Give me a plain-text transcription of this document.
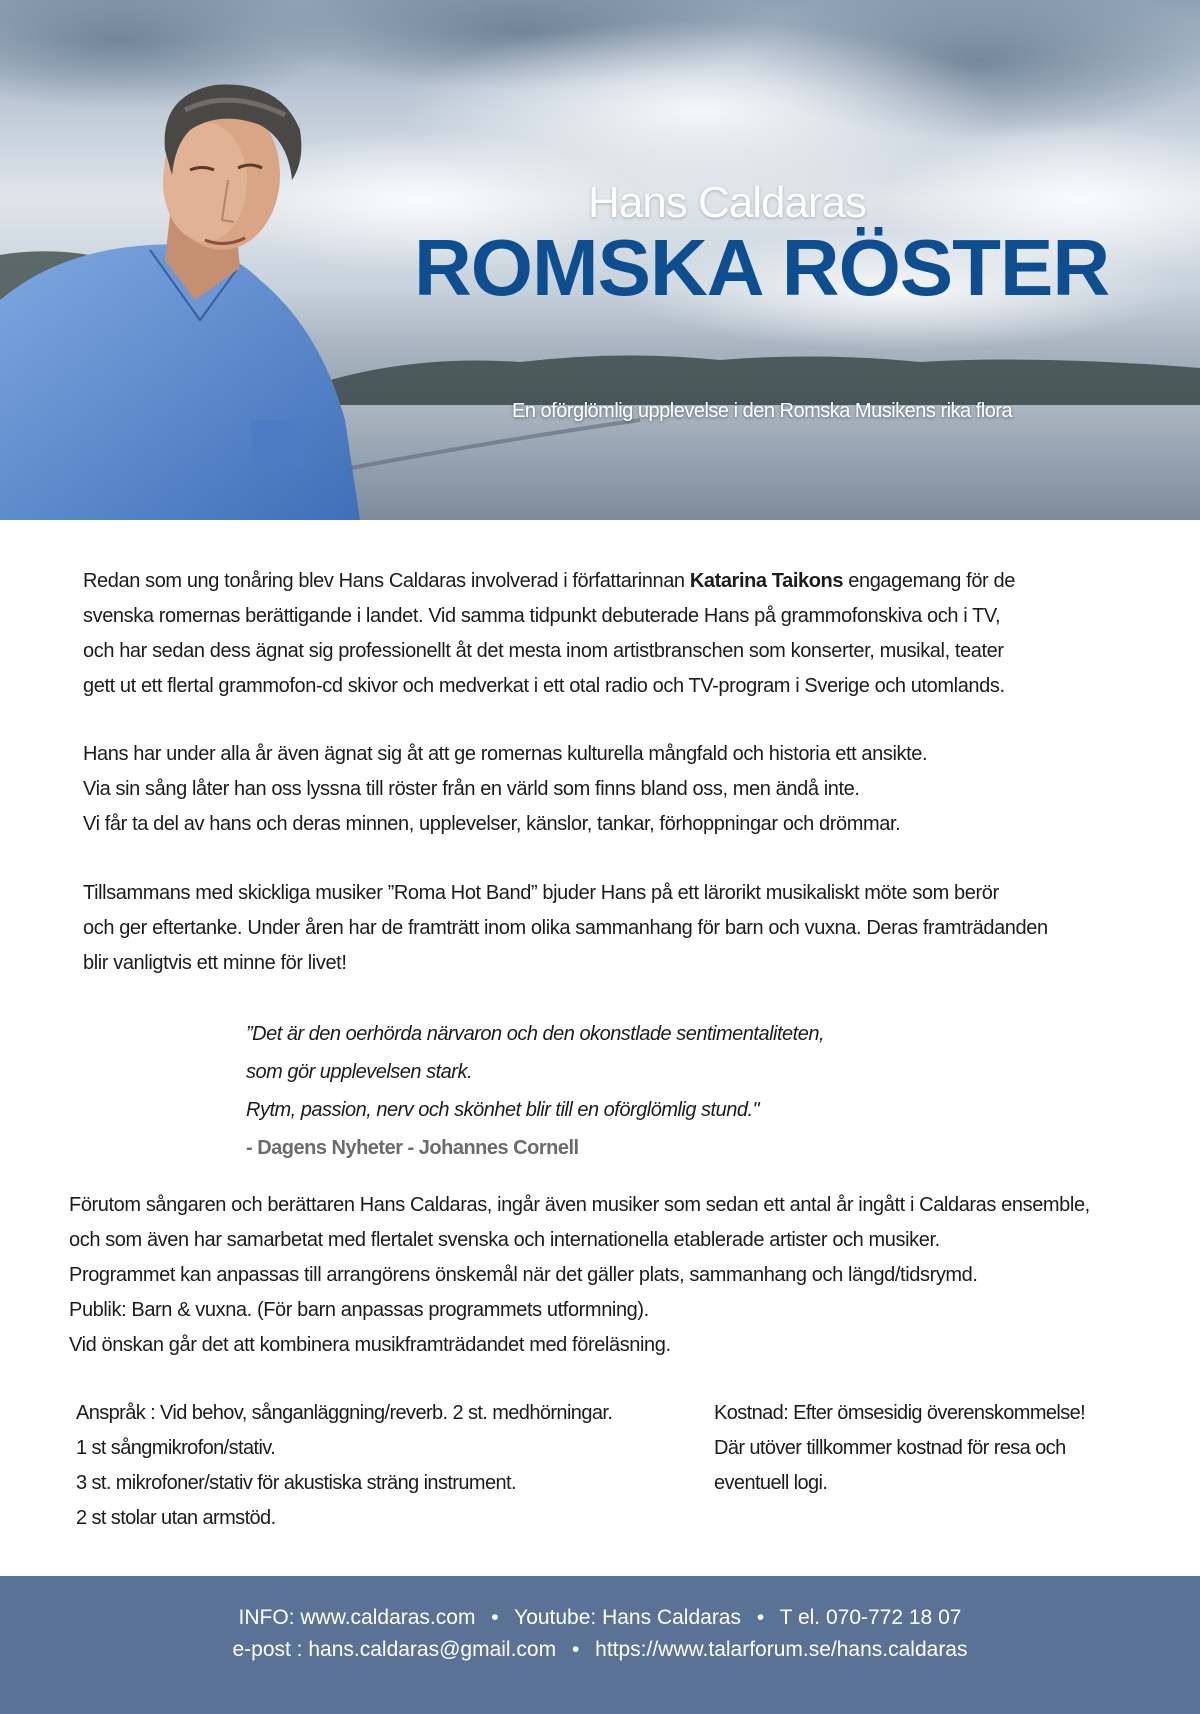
Hans Caldaras
ROMSKA RÖSTER
En oförglömlig upplevelse i den Romska Musikens rika flora
Redan som ung tonåring blev Hans Caldaras involverad i författarinnan Katarina Taikons engagemang för de
svenska romernas berättigande i landet. Vid samma tidpunkt debuterade Hans på grammofonskiva och i TV,
och har sedan dess ägnat sig professionellt åt det mesta inom artistbranschen som konserter, musikal, teater
gett ut ett flertal grammofon-cd skivor och medverkat i ett otal radio och TV-program i Sverige och utomlands.
Hans har under alla år även ägnat sig åt att ge romernas kulturella mångfald och historia ett ansikte.
Via sin sång låter han oss lyssna till röster från en värld som finns bland oss, men ändå inte.
Vi får ta del av hans och deras minnen, upplevelser, känslor, tankar, förhoppningar och drömmar.
Tillsammans med skickliga musiker ”Roma Hot Band” bjuder Hans på ett lärorikt musikaliskt möte som berör
och ger eftertanke. Under åren har de framträtt inom olika sammanhang för barn och vuxna. Deras framträdanden
blir vanligtvis ett minne för livet!
”Det är den oerhörda närvaron och den okonstlade sentimentaliteten,
som gör upplevelsen stark.
Rytm, passion, nerv och skönhet blir till en oförglömlig stund."
- Dagens Nyheter - Johannes Cornell
Förutom sångaren och berättaren Hans Caldaras, ingår även musiker som sedan ett antal år ingått i Caldaras ensemble,
och som även har samarbetat med flertalet svenska och internationella etablerade artister och musiker.
Programmet kan anpassas till arrangörens önskemål när det gäller plats, sammanhang och längd/tidsrymd.
Publik: Barn & vuxna. (För barn anpassas programmets utformning).
Vid önskan går det att kombinera musikframträdandet med föreläsning.
Anspråk : Vid behov, sånganläggning/reverb. 2 st. medhörningar.
1 st sångmikrofon/stativ.
3 st. mikrofoner/stativ för akustiska sträng instrument.
2 st stolar utan armstöd.
Kostnad: Efter ömsesidig överenskommelse!
Där utöver tillkommer kostnad för resa och
eventuell logi.
INFO: www.caldaras.com • Youtube: Hans Caldaras • T el. 070-772 18 07
e-post : hans.caldaras@gmail.com • https://www.talarforum.se/hans.caldaras
